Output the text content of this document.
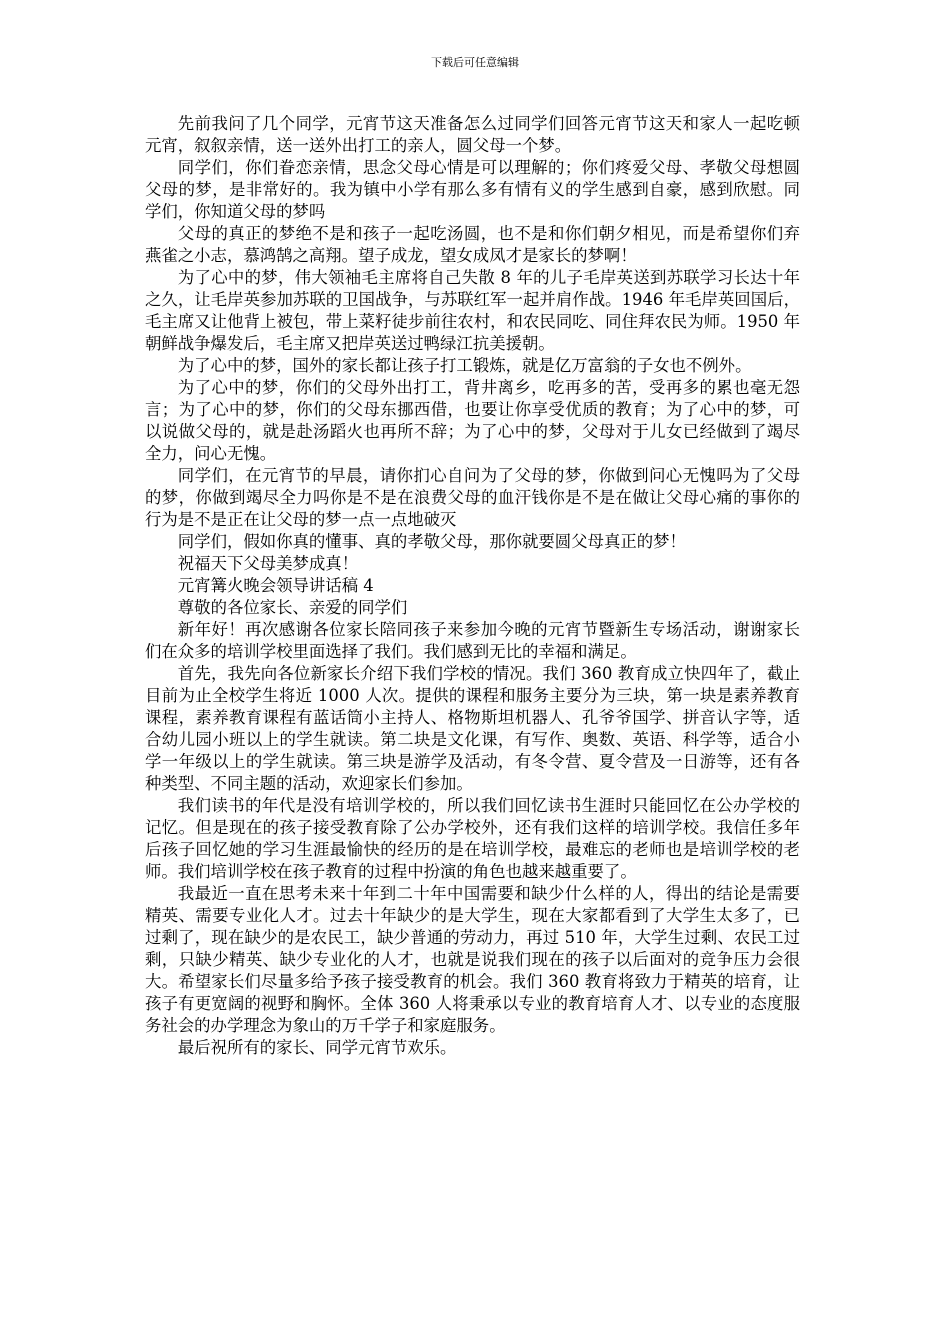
下载后可任意编辑

先前我问了几个同学，元宵节这天准备怎么过同学们回答元宵节这天和家人一起吃顿元宵，叙叙亲情，送一送外出打工的亲人，圆父母一个梦。

同学们，你们眷恋亲情，思念父母心情是可以理解的；你们疼爱父母、孝敬父母想圆父母的梦，是非常好的。我为镇中小学有那么多有情有义的学生感到自豪，感到欣慰。同学们，你知道父母的梦吗

父母的真正的梦绝不是和孩子一起吃汤圆，也不是和你们朝夕相见，而是希望你们弃燕雀之小志，慕鸿鹄之高翔。望子成龙，望女成凤才是家长的梦啊！

为了心中的梦，伟大领袖毛主席将自己失散 8 年的儿子毛岸英送到苏联学习长达十年之久，让毛岸英参加苏联的卫国战争，与苏联红军一起并肩作战。1946 年毛岸英回国后，毛主席又让他背上被包，带上菜籽徒步前往农村，和农民同吃、同住拜农民为师。1950 年朝鲜战争爆发后，毛主席又把岸英送过鸭绿江抗美援朝。

为了心中的梦，国外的家长都让孩子打工锻炼，就是亿万富翁的子女也不例外。

为了心中的梦，你们的父母外出打工，背井离乡，吃再多的苦，受再多的累也毫无怨言；为了心中的梦，你们的父母东挪西借，也要让你享受优质的教育；为了心中的梦，可以说做父母的，就是赴汤蹈火也再所不辞；为了心中的梦，父母对于儿女已经做到了竭尽全力，问心无愧。

同学们，在元宵节的早晨，请你扪心自问为了父母的梦，你做到问心无愧吗为了父母的梦，你做到竭尽全力吗你是不是在浪费父母的血汗钱你是不是在做让父母心痛的事你的行为是不是正在让父母的梦一点一点地破灭

同学们，假如你真的懂事、真的孝敬父母，那你就要圆父母真正的梦！

祝福天下父母美梦成真！

元宵篝火晚会领导讲话稿 4

尊敬的各位家长、亲爱的同学们

新年好！再次感谢各位家长陪同孩子来参加今晚的元宵节暨新生专场活动，谢谢家长们在众多的培训学校里面选择了我们。我们感到无比的幸福和满足。

首先，我先向各位新家长介绍下我们学校的情况。我们 360 教育成立快四年了，截止目前为止全校学生将近 1000 人次。提供的课程和服务主要分为三块，第一块是素养教育课程，素养教育课程有蓝话筒小主持人、格物斯坦机器人、孔爷爷国学、拼音认字等，适合幼儿园小班以上的学生就读。第二块是文化课，有写作、奥数、英语、科学等，适合小学一年级以上的学生就读。第三块是游学及活动，有冬令营、夏令营及一日游等，还有各种类型、不同主题的活动，欢迎家长们参加。

我们读书的年代是没有培训学校的，所以我们回忆读书生涯时只能回忆在公办学校的记忆。但是现在的孩子接受教育除了公办学校外，还有我们这样的培训学校。我信任多年后孩子回忆她的学习生涯最愉快的经历的是在培训学校，最难忘的老师也是培训学校的老师。我们培训学校在孩子教育的过程中扮演的角色也越来越重要了。

我最近一直在思考未来十年到二十年中国需要和缺少什么样的人，得出的结论是需要精英、需要专业化人才。过去十年缺少的是大学生，现在大家都看到了大学生太多了，已过剩了，现在缺少的是农民工，缺少普通的劳动力，再过 510 年，大学生过剩、农民工过剩，只缺少精英、缺少专业化的人才，也就是说我们现在的孩子以后面对的竞争压力会很大。希望家长们尽量多给予孩子接受教育的机会。我们 360 教育将致力于精英的培育，让孩子有更宽阔的视野和胸怀。全体 360 人将秉承以专业的教育培育人才、以专业的态度服务社会的办学理念为象山的万千学子和家庭服务。

最后祝所有的家长、同学元宵节欢乐。
